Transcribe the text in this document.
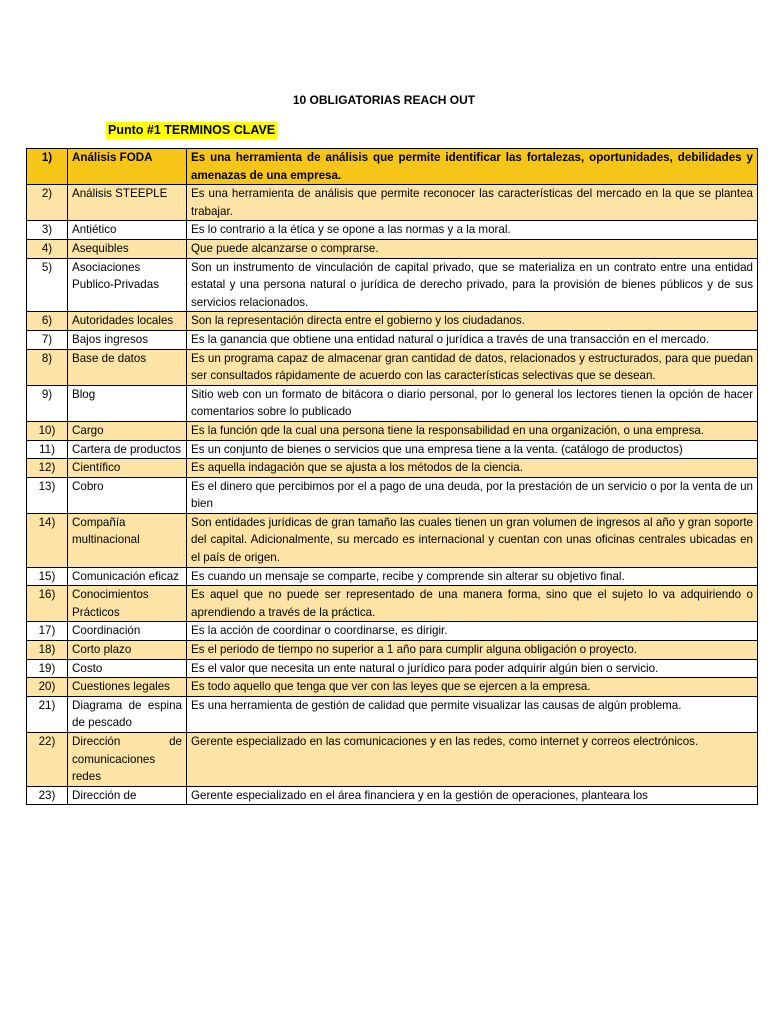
10 OBLIGATORIAS REACH OUT
Punto #1 TERMINOS CLAVE
1)	Análisis FODA	Es una herramienta de análisis que permite identificar las fortalezas, oportunidades, debilidades y amenazas de una empresa.
2)	Análisis STEEPLE	Es una herramienta de análisis que permite reconocer las características del mercado en la que se plantea trabajar.
3)	Antiético	Es lo contrario a la ética y se opone a las normas y a la moral.
4)	Asequibles	Que puede alcanzarse o comprarse.
5)	Asociaciones Publico-Privadas	Son un instrumento de vinculación de capital privado, que se materializa en un contrato entre una entidad estatal y una persona natural o jurídica de derecho privado, para la provisión de bienes públicos y de sus servicios relacionados.
6)	Autoridades locales	Son la representación directa entre el gobierno y los ciudadanos.
7)	Bajos ingresos	Es la ganancia que obtiene una entidad natural o jurídica a través de una transacción en el mercado.
8)	Base de datos	Es un programa capaz de almacenar gran cantidad de datos, relacionados y estructurados, para que puedan ser consultados rápidamente de acuerdo con las características selectivas que se desean.
9)	Blog	Sitio web con un formato de bitácora o diario personal, por lo general los lectores tienen la opción de hacer comentarios sobre lo publicado
10)	Cargo	Es la función qde la cual una persona tiene la responsabilidad en una organización, o una empresa.
11)	Cartera de productos	Es un conjunto de bienes o servicios que una empresa tiene a la venta. (catálogo de productos)
12)	Científico	Es aquella indagación que se ajusta a los métodos de la ciencia.
13)	Cobro	Es el dinero que percibimos por el a pago de una deuda, por la prestación de un servicio o por la venta de un bien
14)	Compañía multinacional	Son entidades jurídicas de gran tamaño las cuales tienen un gran volumen de ingresos al año y gran soporte del capital. Adicionalmente, su mercado es internacional y cuentan con unas oficinas centrales ubicadas en el país de origen.
15)	Comunicación eficaz	Es cuando un mensaje se comparte, recibe y comprende sin alterar su objetivo final.
16)	Conocimientos Prácticos	Es aquel que no puede ser representado de una manera forma, sino que el sujeto lo va adquiriendo o aprendiendo a través de la práctica.
17)	Coordinación	Es la acción de coordinar o coordinarse, es dirigir.
18)	Corto plazo	Es el periodo de tiempo no superior a 1 año para cumplir alguna obligación o proyecto.
19)	Costo	Es el valor que necesita un ente natural o jurídico para poder adquirir algún bien o servicio.
20)	Cuestiones legales	Es todo aquello que tenga que ver con las leyes que se ejercen a la empresa.
21)	Diagrama de espina de pescado	Es una herramienta de gestión de calidad que permite visualizar las causas de algún problema.
22)	Dirección de comunicaciones redes	Gerente especializado en las comunicaciones y en las redes, como internet y correos electrónicos.
23)	Dirección de	Gerente especializado en el área financiera y en la gestión de operaciones, planteara los
